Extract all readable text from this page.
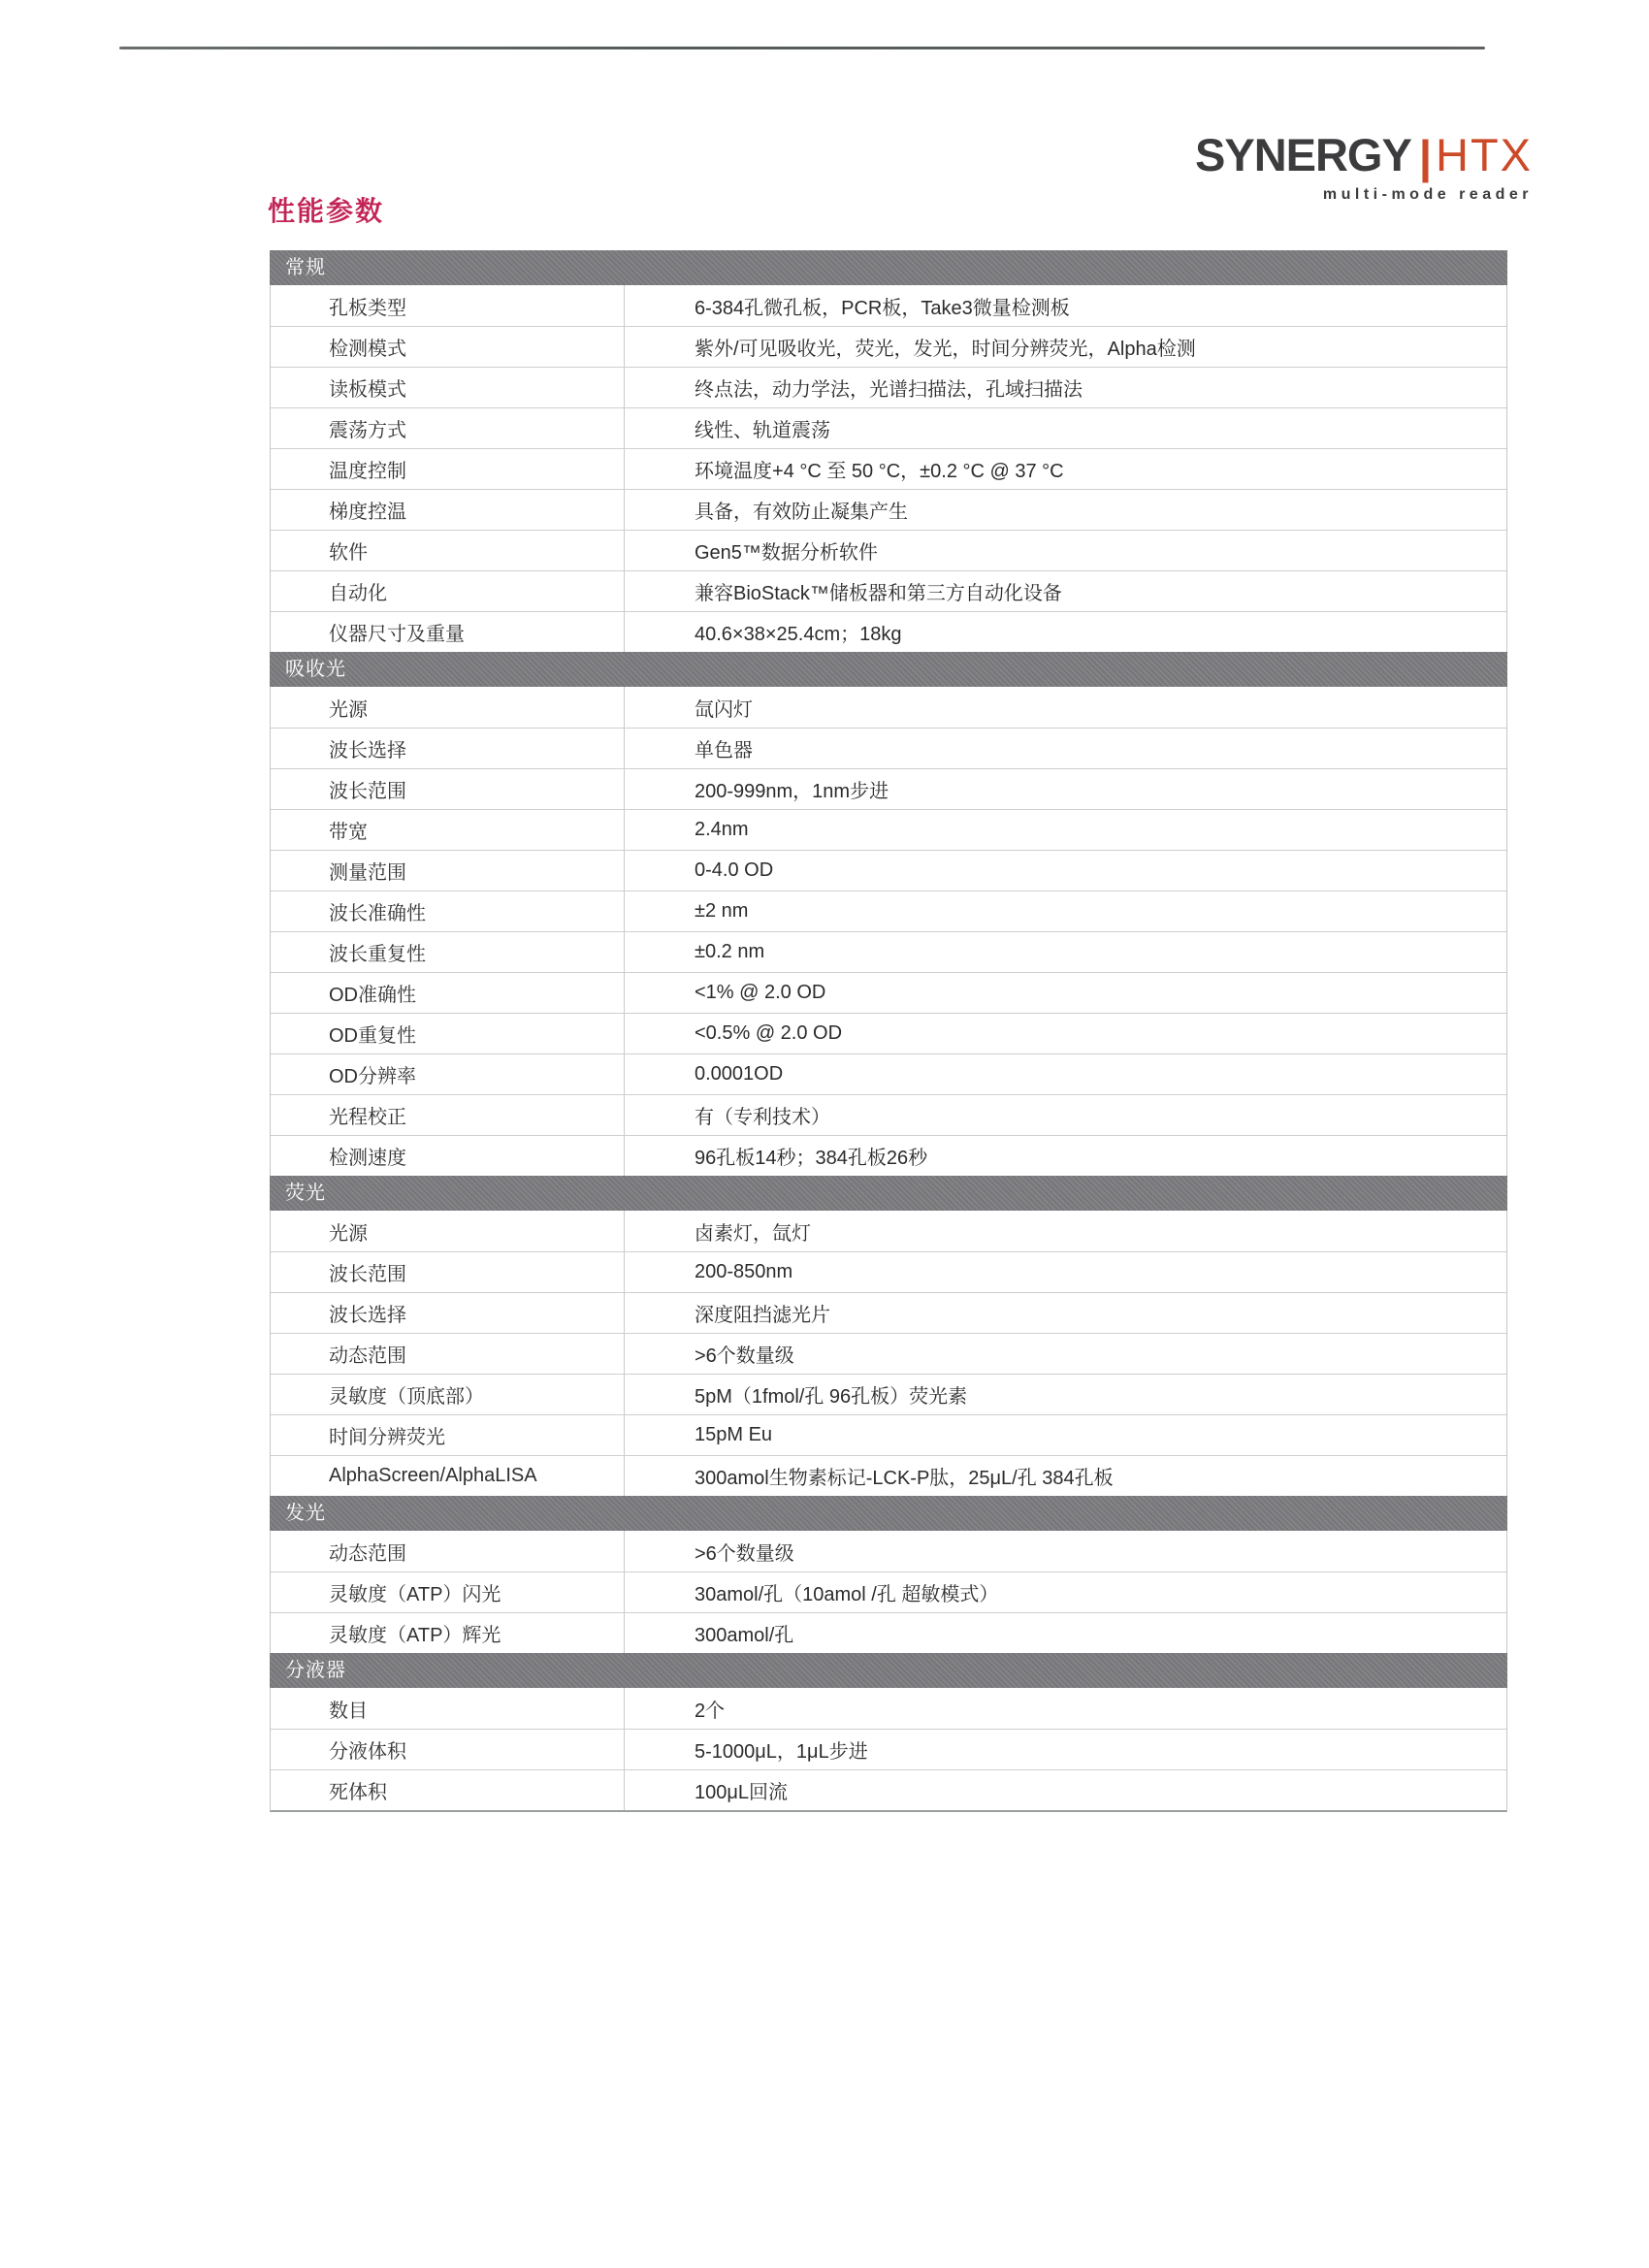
性能参数
SYNERGY | HTX
multi-mode reader
常规
孔板类型	6-384孔微孔板，PCR板，Take3微量检测板
检测模式	紫外/可见吸收光，荧光，发光，时间分辨荧光，Alpha检测
读板模式	终点法，动力学法，光谱扫描法，孔域扫描法
震荡方式	线性、轨道震荡
温度控制	环境温度+4 °C 至 50 °C，±0.2 °C @ 37 °C
梯度控温	具备，有效防止凝集产生
软件	Gen5™数据分析软件
自动化	兼容BioStack™储板器和第三方自动化设备
仪器尺寸及重量	40.6×38×25.4cm；18kg
吸收光
光源	氙闪灯
波长选择	单色器
波长范围	200-999nm，1nm步进
带宽	2.4nm
测量范围	0-4.0 OD
波长准确性	±2 nm
波长重复性	±0.2 nm
OD准确性	<1% @ 2.0 OD
OD重复性	<0.5% @ 2.0 OD
OD分辨率	0.0001OD
光程校正	有（专利技术）
检测速度	96孔板14秒；384孔板26秒
荧光
光源	卤素灯，氙灯
波长范围	200-850nm
波长选择	深度阻挡滤光片
动态范围	>6个数量级
灵敏度（顶底部）	5pM（1fmol/孔 96孔板）荧光素
时间分辨荧光	15pM Eu
AlphaScreen/AlphaLISA	300amol生物素标记-LCK-P肽，25μL/孔 384孔板
发光
动态范围	>6个数量级
灵敏度（ATP）闪光	30amol/孔（10amol /孔 超敏模式）
灵敏度（ATP）辉光	300amol/孔
分液器
数目	2个
分液体积	5-1000μL，1μL步进
死体积	100μL回流
